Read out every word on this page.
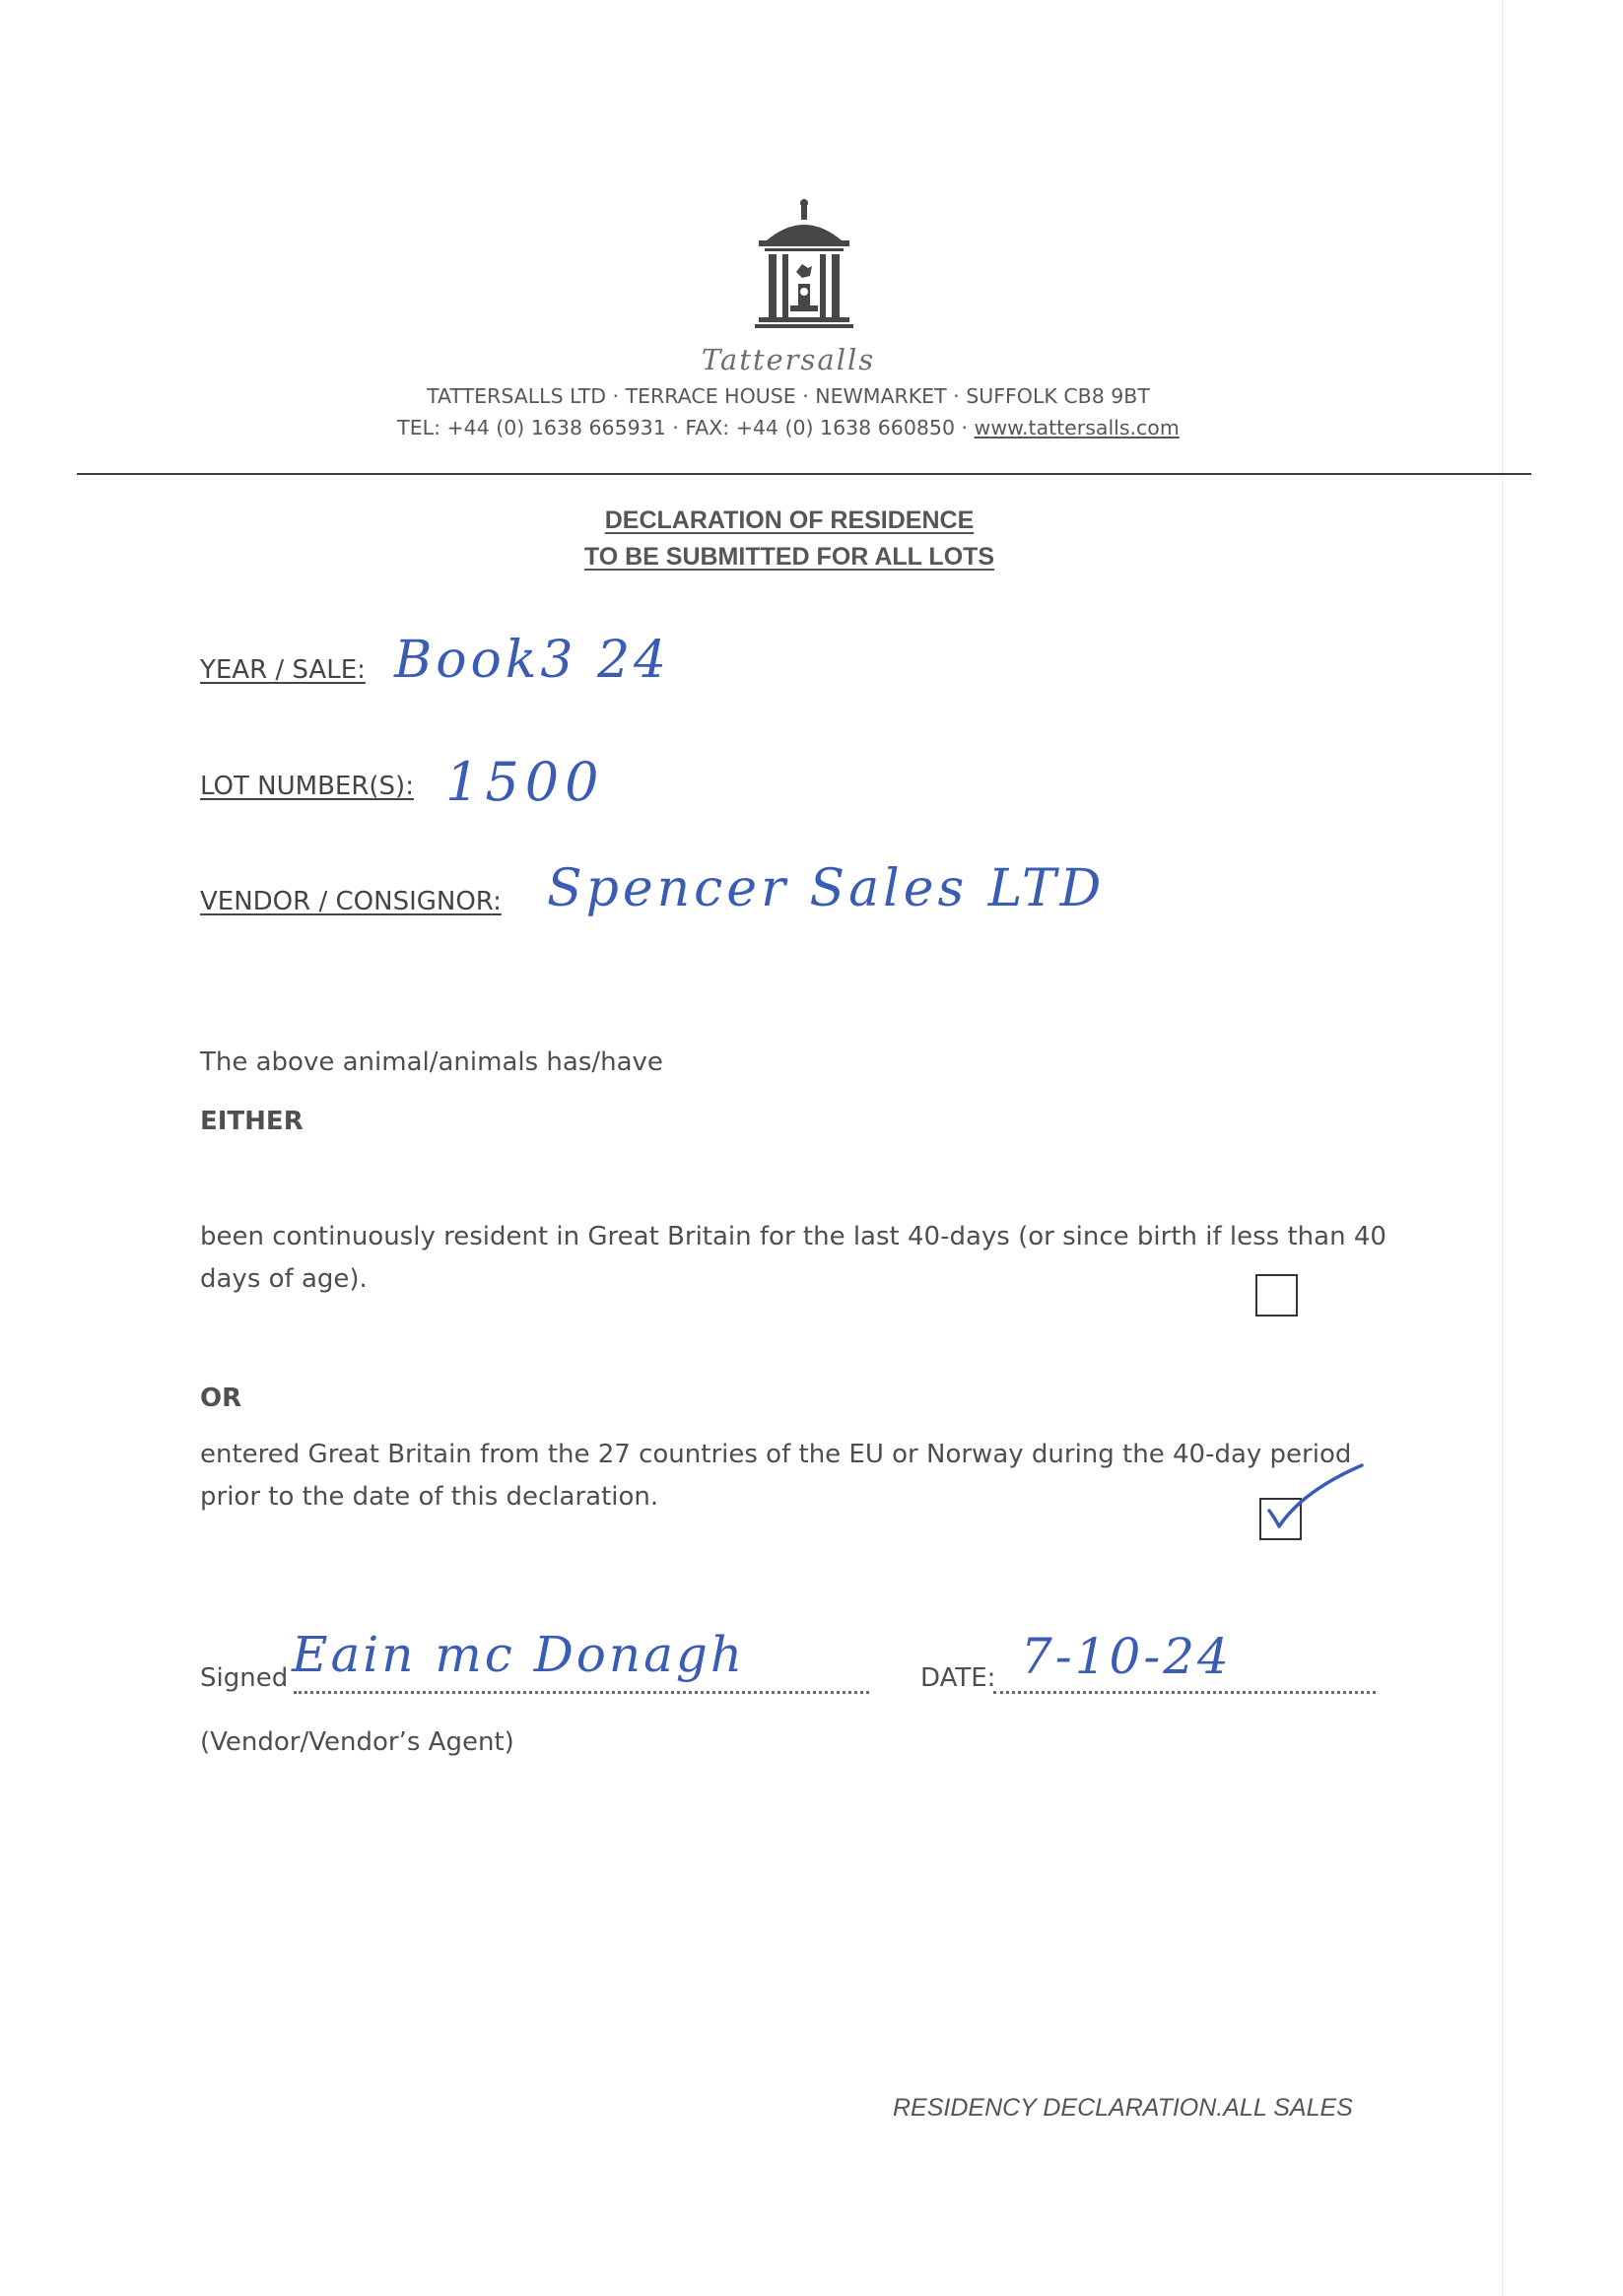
Tattersalls
TATTERSALLS LTD · TERRACE HOUSE · NEWMARKET · SUFFOLK CB8 9BT
TEL: +44 (0) 1638 665931 · FAX: +44 (0) 1638 660850 · www.tattersalls.com
DECLARATION OF RESIDENCE
TO BE SUBMITTED FOR ALL LOTS
YEAR / SALE: Book3 24
LOT NUMBER(S): 1500
VENDOR / CONSIGNOR: Spencer Sales LTD
The above animal/animals has/have
EITHER
been continuously resident in Great Britain for the last 40-days (or since birth if less than 40
days of age).
OR
entered Great Britain from the 27 countries of the EU or Norway during the 40-day period
prior to the date of this declaration.
Signed Eain mc Donagh	DATE: 7-10-24
(Vendor/Vendor’s Agent)
RESIDENCY DECLARATION.ALL SALES
